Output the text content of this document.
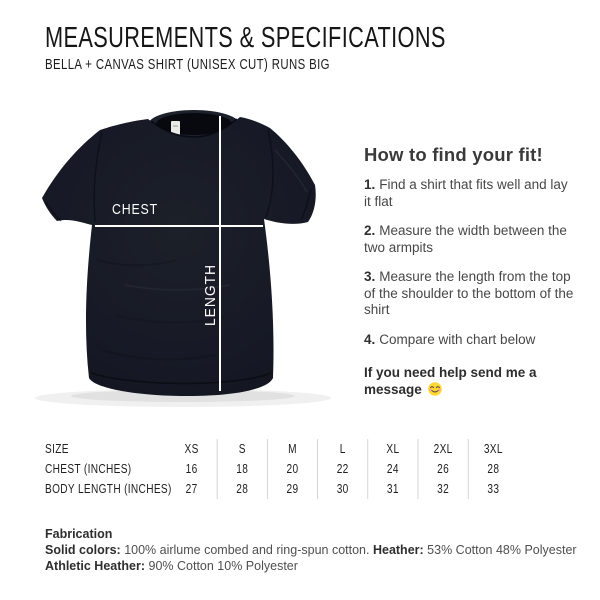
MEASUREMENTS & SPECIFICATIONS
BELLA + CANVAS SHIRT (UNISEX CUT) RUNS BIG
CHEST
LENGTH
How to find your fit!

1. Find a shirt that fits well and lay it flat

2. Measure the width between the two armpits

3. Measure the length from the top of the shoulder to the bottom of the shirt

4. Compare with chart below

If you need help send me a message

SIZE	XS	S	M	L	XL	2XL	3XL
CHEST (INCHES)	16	18	20	22	24	26	28
BODY LENGTH (INCHES)	27	28	29	30	31	32	33
Fabrication

Solid colors: 100% airlume combed and ring-spun cotton. Heather: 53% Cotton 48% Polyester

Athletic Heather: 90% Cotton 10% Polyester
